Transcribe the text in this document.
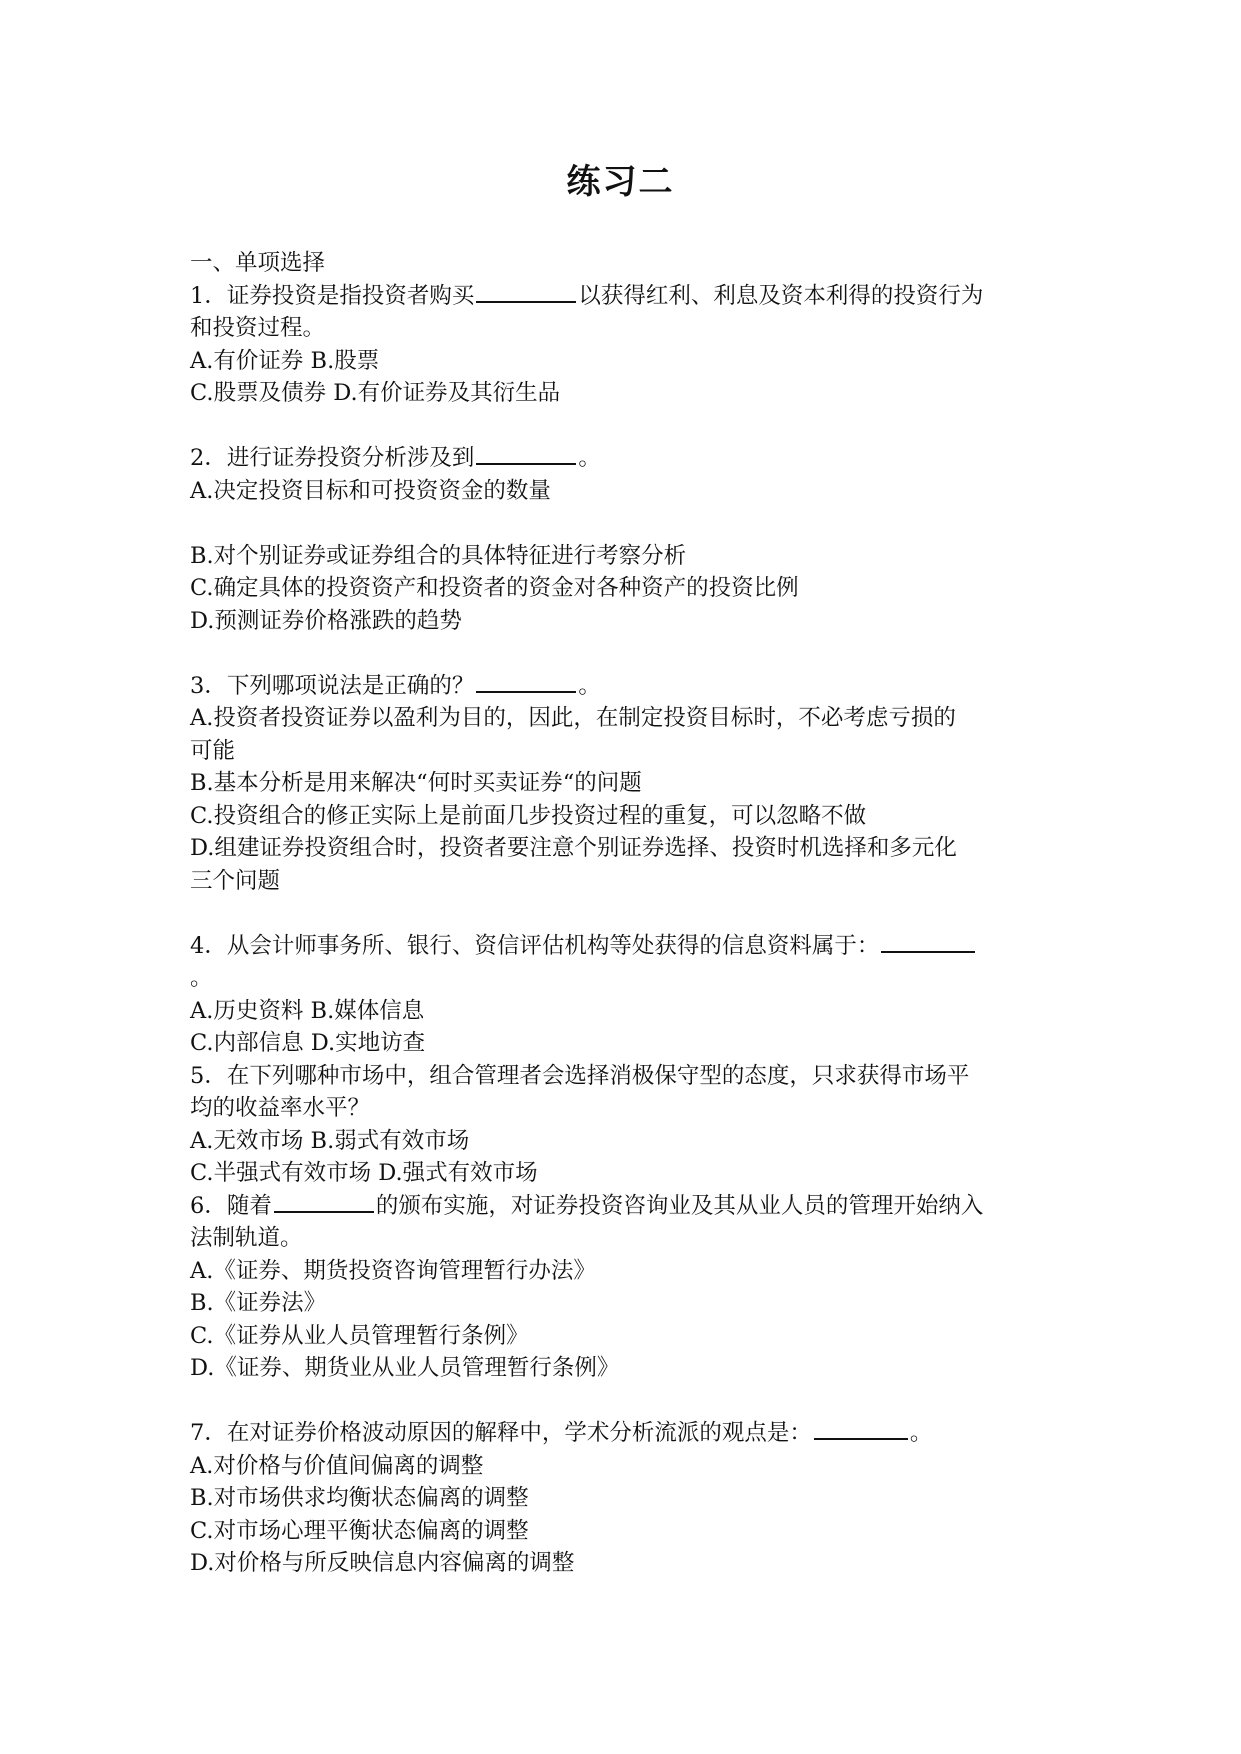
练习二
一、单项选择
1．证券投资是指投资者购买	以获得红利、利息及资本利得的投资行为
和投资过程。
A.有价证券 B.股票
C.股票及债券 D.有价证券及其衍生品
2．进行证券投资分析涉及到	。
A.决定投资目标和可投资资金的数量
B.对个别证券或证券组合的具体特征进行考察分析
C.确定具体的投资资产和投资者的资金对各种资产的投资比例
D.预测证券价格涨跌的趋势
3．下列哪项说法是正确的？	。
A.投资者投资证券以盈利为目的，因此，在制定投资目标时，不必考虑亏损的
可能
B.基本分析是用来解决“何时买卖证券“的问题
C.投资组合的修正实际上是前面几步投资过程的重复，可以忽略不做
D.组建证券投资组合时，投资者要注意个别证券选择、投资时机选择和多元化
三个问题
4．从会计师事务所、银行、资信评估机构等处获得的信息资料属于：
。
A.历史资料 B.媒体信息
C.内部信息 D.实地访查
5．在下列哪种市场中，组合管理者会选择消极保守型的态度，只求获得市场平
均的收益率水平？
A.无效市场 B.弱式有效市场
C.半强式有效市场 D.强式有效市场
6．随着	的颁布实施，对证券投资咨询业及其从业人员的管理开始纳入
法制轨道。
A.《证券、期货投资咨询管理暂行办法》
B.《证券法》
C.《证券从业人员管理暂行条例》
D.《证券、期货业从业人员管理暂行条例》
7．在对证券价格波动原因的解释中，学术分析流派的观点是：	。
A.对价格与价值间偏离的调整
B.对市场供求均衡状态偏离的调整
C.对市场心理平衡状态偏离的调整
D.对价格与所反映信息内容偏离的调整
